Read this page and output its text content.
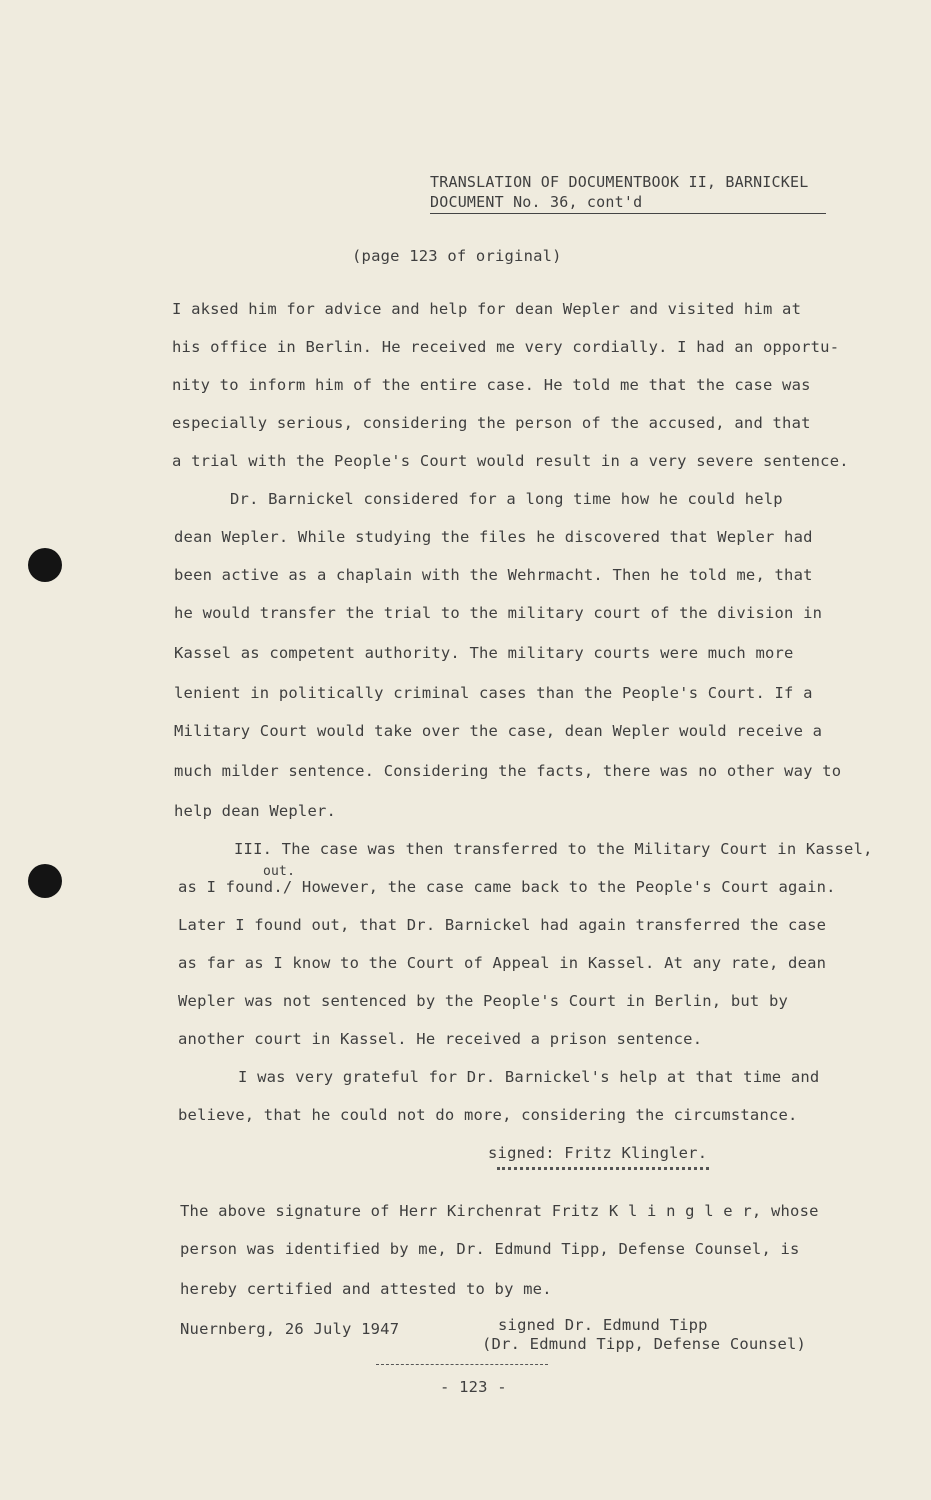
TRANSLATION OF DOCUMENTBOOK II, BARNICKEL
DOCUMENT No. 36, cont'd
(page 123 of original)
I aksed him for advice and help for dean Wepler and visited him at
his office in Berlin. He received me very cordially. I had an opportu-
nity to inform him of the entire case. He told me that the case was
especially serious, considering the person of the accused, and that
a trial with the People's Court would result in a very severe sentence.
Dr. Barnickel considered for a long time how he could help
dean Wepler. While studying the files he discovered that Wepler had
been active as a chaplain with the Wehrmacht. Then he told me, that
he would transfer the trial to the military court of the division in
Kassel as competent authority. The military courts were much more
lenient in politically criminal cases than the People's Court. If a
Military Court would take over the case, dean Wepler would receive a
much milder sentence. Considering the facts, there was no other way to
help dean Wepler.
III. The case was then transferred to the Military Court in Kassel,
out.
as I found./ However, the case came back to the People's Court again.
Later I found out, that Dr. Barnickel had again transferred the case
as far as I know to the Court of Appeal in Kassel. At any rate, dean
Wepler was not sentenced by the People's Court in Berlin, but by
another court in Kassel. He received a prison sentence.
I was very grateful for Dr. Barnickel's help at that time and
believe, that he could not do more, considering the circumstance.
signed: Fritz Klingler.
The above signature of Herr Kirchenrat Fritz K l i n g l e r, whose
person was identified by me, Dr. Edmund Tipp, Defense Counsel, is
hereby certified and attested to by me.
Nuernberg, 26 July 1947	signed Dr. Edmund Tipp
(Dr. Edmund Tipp, Defense Counsel)
- 123 -
